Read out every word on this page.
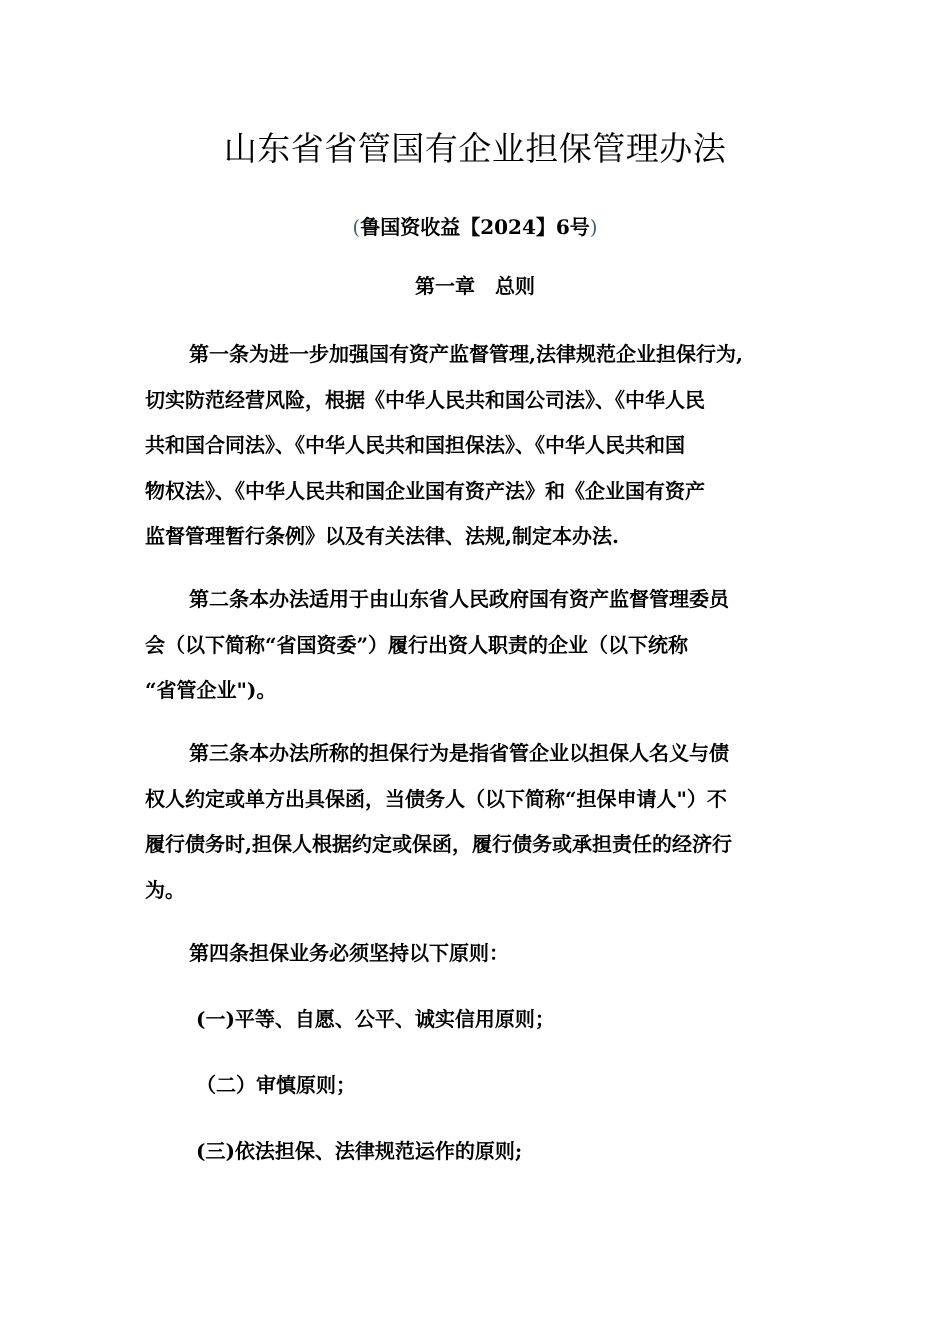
山东省省管国有企业担保管理办法
(鲁国资收益【2024】6号)
第一章　总则
第一条为进一步加强国有资产监督管理,法律规范企业担保行为,
切实防范经营风险，根据《中华人民共和国公司法》、《中华人民
共和国合同法》、《中华人民共和国担保法》、《中华人民共和国
物权法》、《中华人民共和国企业国有资产法》和《企业国有资产
监督管理暂行条例》以及有关法律、法规,制定本办法.
第二条本办法适用于由山东省人民政府国有资产监督管理委员
会（以下简称“省国资委”）履行出资人职责的企业（以下统称
“省管企业")。
第三条本办法所称的担保行为是指省管企业以担保人名义与债
权人约定或单方出具保函，当债务人（以下简称“担保申请人"）不
履行债务时,担保人根据约定或保函，履行债务或承担责任的经济行
为。
第四条担保业务必须坚持以下原则：
(一)平等、自愿、公平、诚实信用原则；
（二）审慎原则；
(三)依法担保、法律规范运作的原则;
